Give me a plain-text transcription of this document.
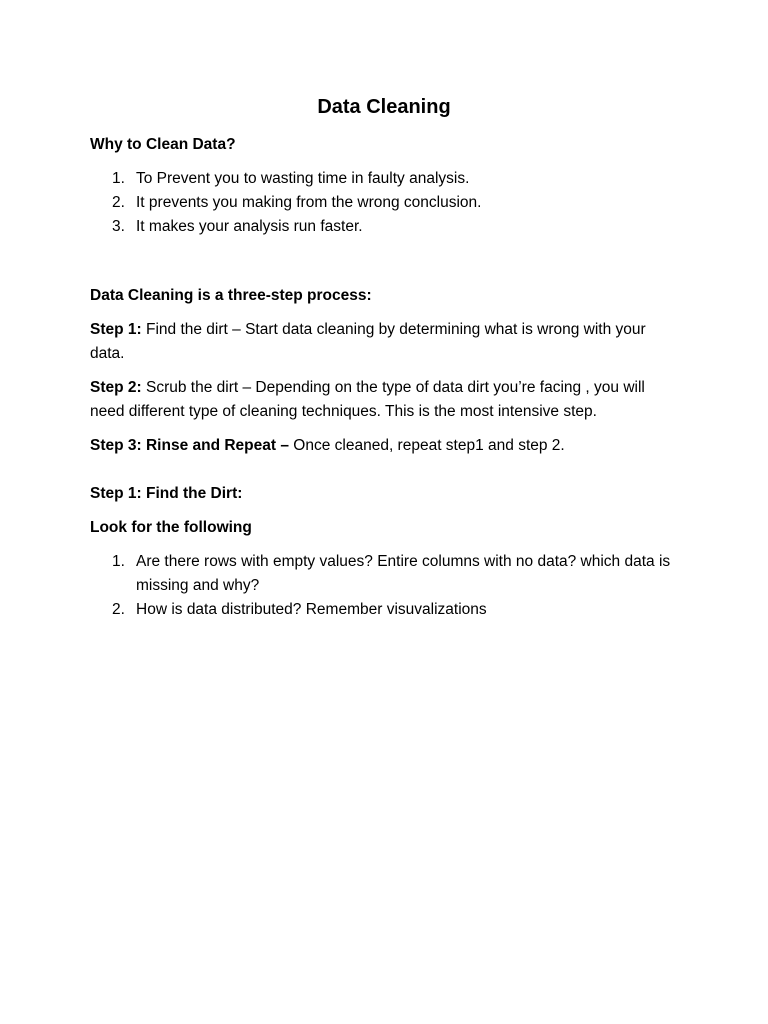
Data Cleaning

Why to Clean Data?

1. To Prevent you to wasting time in faulty analysis.
2. It prevents you making from the wrong conclusion.
3. It makes your analysis run faster.

Data Cleaning is a three-step process:

Step 1: Find the dirt – Start data cleaning by determining what is wrong with your data.

Step 2: Scrub the dirt – Depending on the type of data dirt you’re facing , you will need different type of cleaning techniques. This is the most intensive step.

Step 3: Rinse and Repeat – Once cleaned, repeat step1 and step 2.

Step 1: Find the Dirt:

Look for the following

1. Are there rows with empty values? Entire columns with no data? which data is missing and why?
2. How is data distributed? Remember visuvalizations
